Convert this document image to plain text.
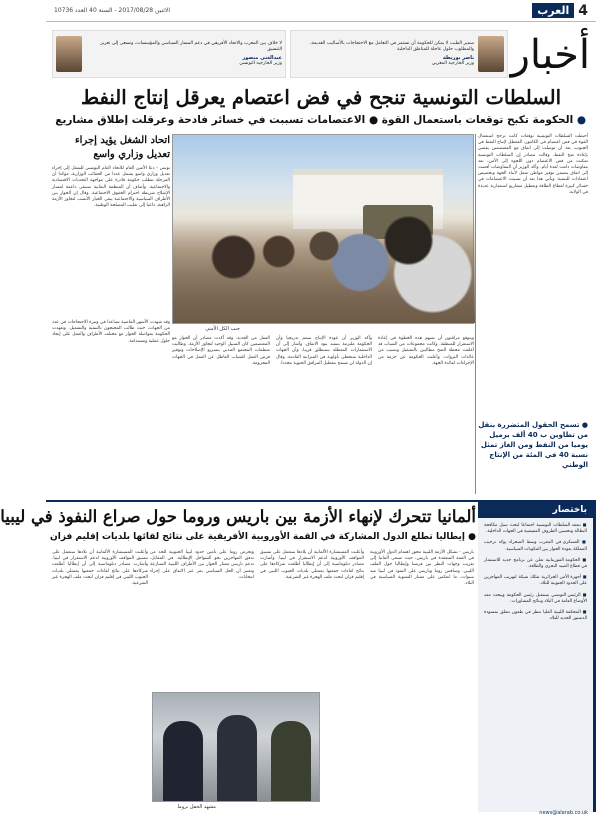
4
العرب
الاثنين 2017/08/28 - السنة 40 العدد 10736
أخبار
سمير الطيب لا يمكن للحكومة أن تستمر في التعامل مع الاحتجاجات بالأساليب القديمة، والمطلوب حلول عاجلة للمناطق الداخلية
ناصر بوريطة
وزير الخارجية المغربي
لا خلاف بين المغرب والاتحاد الأفريقي في دعم المسار السياسي والمؤسسات، ونسعى إلى تعزيز التنسيق
عبدالغني منصور
وزير الخارجية التونسي
السلطات التونسية تنجح في فض اعتصام يعرقل إنتاج النفط
● الحكومة تكبح توقعات باستعمال القوة ● الاعتصامات تسببت في خسائر فادحة وعرقلت إطلاق مشاريع
أحبطت السلطات التونسية توقعات كانت ترجح استعمال القوة في فض اعتصام في الكامور، المعطل لإنتاج النفط في الجنوب، بعد أن توصلت إلى اتفاق مع المعتصمين يقضي بإعادة ضخ النفط. وقالت مصادر إن السلطات التونسية تمكنت من فض الاعتصام دون اللجوء إلى الأمن، بعد مفاوضات دامت لعدة أيام. وأكد الوزير أن المفاوضات أفضت إلى اتفاق يتضمن توفير مواطن شغل لأبناء الجهة وتخصيص اعتمادات للتنمية. ويأتي هذا بعد أن تسببت الاعتصامات في خسائر كبيرة لقطاع الطاقة وتعطيل مشاريع استثمارية عديدة في الولاية.
جنب الكل الأمني
ويتوقع مراقبون أن تسهم هذه الخطوة في إعادة الاستقرار للمنطقة. وكانت مجموعات من الشباب قد أغلقت محطة الضخ مطالبين بالتشغيل ونصيب من عائدات الثروات. وأعلنت الحكومة عن حزمة من الإجراءات لفائدة الجهة.
وأكد الوزير أن عودة الإنتاج ستتم تدريجيا وأن الحكومة ملتزمة بتنفيذ بنود الاتفاق. وأشار إلى أن الاستثمارات المعطلة ستنطلق قريبا، وأن الجهات الداخلية ستحظى بأولوية في الميزانية القادمة. وقال إن الدولة لن تسمح بتعطيل المرافق الحيوية مجددا.
العمل من الجديد، وقد أكدت مصادر أن الحوار مع المعتصمين كان السبيل الوحيد لتجاوز الأزمة. وطالبت منظمات المجتمع المدني بتسريع الإصلاحات وتوفير فرص العمل للشباب العاطل عن العمل في الجهات المحرومة.
اتحاد الشغل يؤيد إجراء تعديل وزاري واسع
تونس - دعا الأمين العام للاتحاد العام التونسي للشغل إلى إجراء تعديل وزاري واسع يشمل عددا من الحقائب الوزارية، مؤكدا أن المرحلة تتطلب حكومة قادرة على مواجهة التحديات الاقتصادية والاجتماعية. وأضاف أن المنظمة النقابية ستبقى داعمة لمسار الإصلاح شريطة احترام الحقوق الاجتماعية. وقال إن الحوار بين الأطراف السياسية والاجتماعية يبقى الخيار الأنسب لتجاوز الأزمة الراهنة، داعيا إلى تغليب المصلحة الوطنية.
وقد شهدت الأشهر الماضية تصاعدا في وتيرة الاحتجاجات في عدد من الجهات، حيث طالب المحتجون بالتنمية والتشغيل. وتعهدت الحكومة بمواصلة الحوار مع مختلف الأطراف والعمل على إيجاد حلول عملية ومستدامة.
● تسمح الحقول المتضررة بنقل من تطاوين ب 40 ألف برميل يوميا من النفط ومن الغاز تمثل نسبة 40 في المئة من الإنتاج الوطني
ألمانيا تتحرك لإنهاء الأزمة بين باريس وروما حول صراع النفوذ في ليبيا
● إيطاليا تطلع الدول المشاركة في القمة الأوروبية الأفريقية على نتائج لقائها بلديات إقليم فزان
باريس - تشكل الأزمة الليبية محور اهتمام الدول الأوروبية في القمة المنعقدة في باريس، حيث تسعى ألمانيا إلى تقريب وجهات النظر بين فرنسا وإيطاليا حول الملف الليبي. وتتنافس روما وباريس على النفوذ في ليبيا منذ سنوات، ما انعكس على مسار التسوية السياسية في البلاد.
وأعلنت المستشارة الألمانية أن بلادها ستعمل على تنسيق المواقف الأوروبية لدعم الاستقرار في ليبيا. وأشارت مصادر دبلوماسية إلى أن إيطاليا أطلعت شركاءها على نتائج لقاءات جمعتها بممثلي بلديات الجنوب الليبي في إقليم فزان لبحث ملف الهجرة غير الشرعية.
وتحرص روما على تأمين حدود ليبيا الجنوبية للحد من تدفق المهاجرين نحو السواحل الإيطالية. في المقابل، تدعم باريس مسار الحوار بين الأطراف الليبية المتنازعة وتعتبر أن الحل السياسي يمر عبر الاتفاق على إجراء انتخابات.
وأعلنت المستشارة الألمانية أن بلادها ستعمل على تنسيق المواقف الأوروبية لدعم الاستقرار في ليبيا. وأشارت مصادر دبلوماسية إلى أن إيطاليا أطلعت شركاءها على نتائج لقاءات جمعتها بممثلي بلديات الجنوب الليبي في إقليم فزان لبحث ملف الهجرة غير الشرعية.
مشهد الحفل بروما
باختصار
■ تنعقد السلطات التونسية اجتماعا لبحث سبل مكافحة البطالة وتحسين الظروف المعيشية في الجهات الداخلية.
■ العسكري في المغرب وسط الصحراء يؤكد ترحيب المملكة بعودة الحوار بين المكونات السياسية.
■ الحكومة الموريتانية تعلن عن برنامج جديد للاستثمار في قطاع الصيد البحري والطاقة.
■ أجهزة الأمن الجزائرية تفكك شبكة لتهريب المهاجرين على الحدود الجنوبية للبلاد.
■ الرئيس التونسي يستقبل رئيس الحكومة ويبحث معه الأوضاع العامة في البلاد ونتائج المشاورات.
■ المحكمة الليبية العليا تنظر في طعون تتعلق بمسودة الدستور الجديد للبلاد.
news@alarab.co.uk
